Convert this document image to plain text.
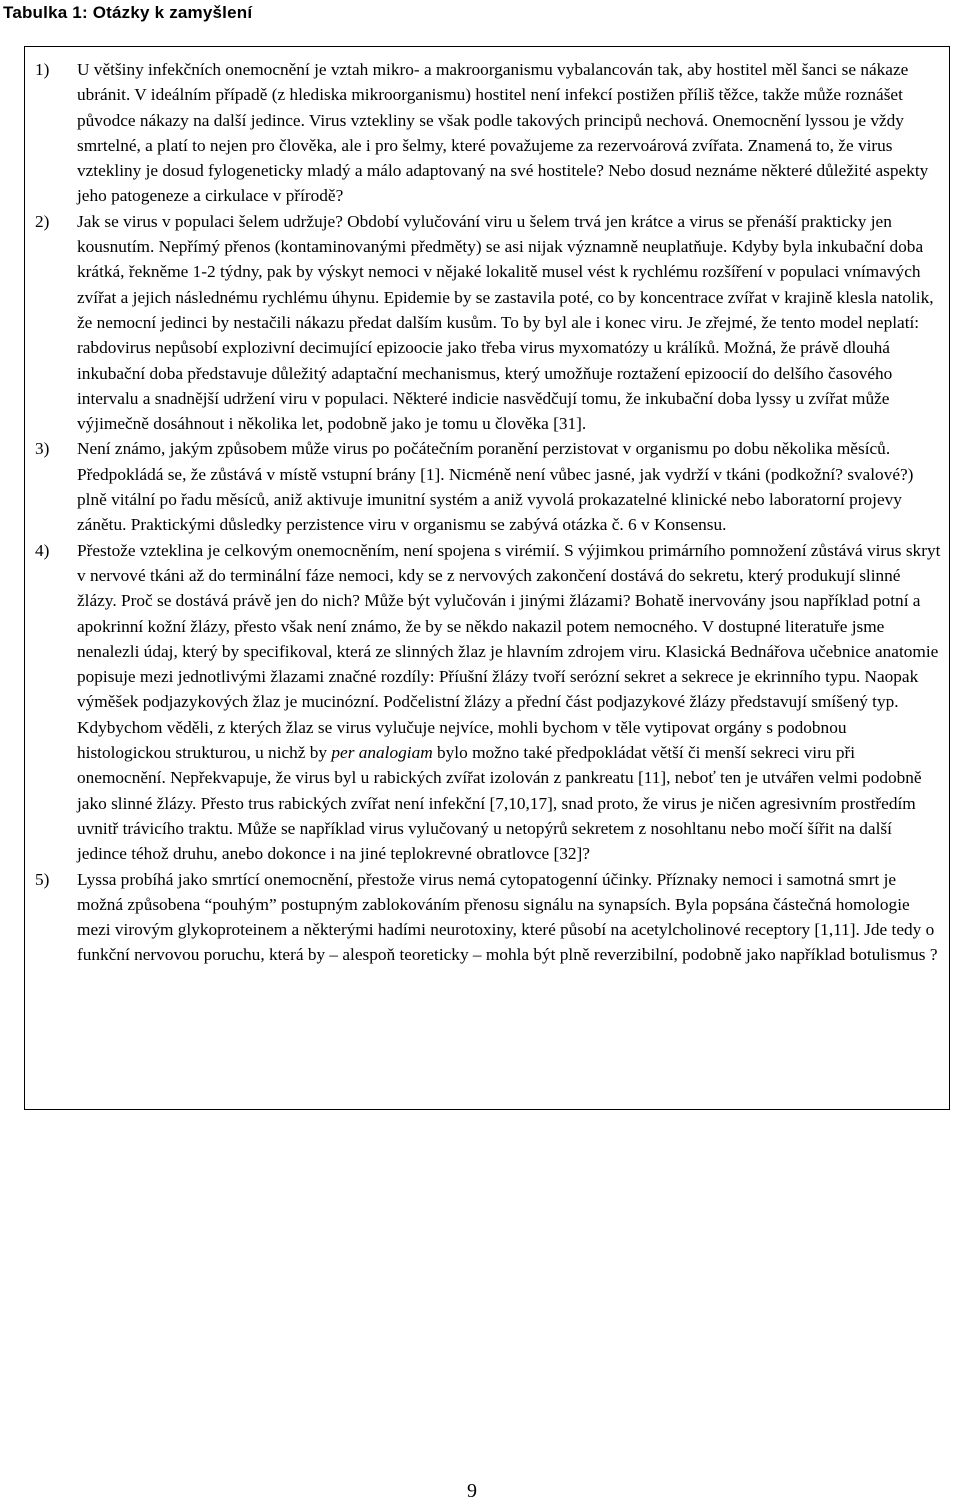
Tabulka 1: Otázky k zamyšlení
1) U většiny infekčních onemocnění je vztah mikro- a makroorganismu vybalancován tak, aby hostitel měl šanci se nákaze ubránit. V ideálním případě (z hlediska mikroorganismu) hostitel není infekcí postižen příliš těžce, takže může roznášet původce nákazy na další jedince. Virus vztekliny se však podle takových principů nechová. Onemocnění lyssou je vždy smrtelné, a platí to nejen pro člověka, ale i pro šelmy, které považujeme za rezervoárová zvířata. Znamená to, že virus vztekliny je dosud fylogeneticky mladý a málo adaptovaný na své hostitele? Nebo dosud neznáme některé důležité aspekty jeho patogeneze a cirkulace v přírodě?
2) Jak se virus v populaci šelem udržuje? Období vylučování viru u šelem trvá jen krátce a virus se přenáší prakticky jen kousnutím. Nepřímý přenos (kontaminovanými předměty) se asi nijak významně neuplatňuje. Kdyby byla inkubační doba krátká, řekněme 1-2 týdny, pak by výskyt nemoci v nějaké lokalitě musel vést k rychlému rozšíření v populaci vnímavých zvířat a jejich následnému rychlému úhynu. Epidemie by se zastavila poté, co by koncentrace zvířat v krajině klesla natolik, že nemocní jedinci by nestačili nákazu předat dalším kusům. To by byl ale i konec viru. Je zřejmé, že tento model neplatí: rabdovirus nepůsobí explozivní decimující epizoocie jako třeba virus myxomatózy u králíků. Možná, že právě dlouhá inkubační doba představuje důležitý adaptační mechanismus, který umožňuje roztažení epizoocií do delšího časového intervalu a snadnější udržení viru v populaci. Některé indicie nasvědčují tomu, že inkubační doba lyssy u zvířat může výjimečně dosáhnout i několika let, podobně jako je tomu u člověka [31].
3) Není známo, jakým způsobem může virus po počátečním poranění perzistovat v organismu po dobu několika měsíců. Předpokládá se, že zůstává v místě vstupní brány [1]. Nicméně není vůbec jasné, jak vydrží v tkáni (podkožní? svalové?) plně vitální po řadu měsíců, aniž aktivuje imunitní systém a aniž vyvolá prokazatelné klinické nebo laboratorní projevy zánětu. Praktickými důsledky perzistence viru v organismu se zabývá otázka č. 6 v Konsensu.
4) Přestože vzteklina je celkovým onemocněním, není spojena s virémií. S výjimkou primárního pomnožení zůstává virus skryt v nervové tkáni až do terminální fáze nemoci, kdy se z nervových zakončení dostává do sekretu, který produkují slinné žlázy. Proč se dostává právě jen do nich? Může být vylučován i jinými žlázami? Bohatě inervovány jsou například potní a apokrinní kožní žlázy, přesto však není známo, že by se někdo nakazil potem nemocného. V dostupné literatuře jsme nenalezli údaj, který by specifikoval, která ze slinných žlaz je hlavním zdrojem viru. Klasická Bednářova učebnice anatomie popisuje mezi jednotlivými žlazami značné rozdíly: Příušní žlázy tvoří serózní sekret a sekrece je ekrinního typu. Naopak výměšek podjazykových žlaz je mucinózní. Podčelistní žlázy a přední část podjazykové žlázy představují smíšený typ. Kdybychom věděli, z kterých žlaz se virus vylučuje nejvíce, mohli bychom v těle vytipovat orgány s podobnou histologickou strukturou, u nichž by per analogiam bylo možno také předpokládat větší či menší sekreci viru při onemocnění. Nepřekvapuje, že virus byl u rabických zvířat izolován z pankreatu [11], neboť ten je utvářen velmi podobně jako slinné žlázy. Přesto trus rabických zvířat není infekční [7,10,17], snad proto, že virus je ničen agresivním prostředím uvnitř trávicího traktu. Může se například virus vylučovaný u netopýrů sekretem z nosohltanu nebo močí šířit na další jedince téhož druhu, anebo dokonce i na jiné teplokrevné obratlovce [32]?
5) Lyssa probíhá jako smrtící onemocnění, přestože virus nemá cytopatogenní účinky. Příznaky nemoci i samotná smrt je možná způsobena “pouhým” postupným zablokováním přenosu signálu na synapsích. Byla popsána částečná homologie mezi virovým glykoproteinem a některými hadími neurotoxiny, které působí na acetylcholinové receptory [1,11]. Jde tedy o funkční nervovou poruchu, která by – alespoň teoreticky – mohla být plně reverzibilní, podobně jako například botulismus ?
9
